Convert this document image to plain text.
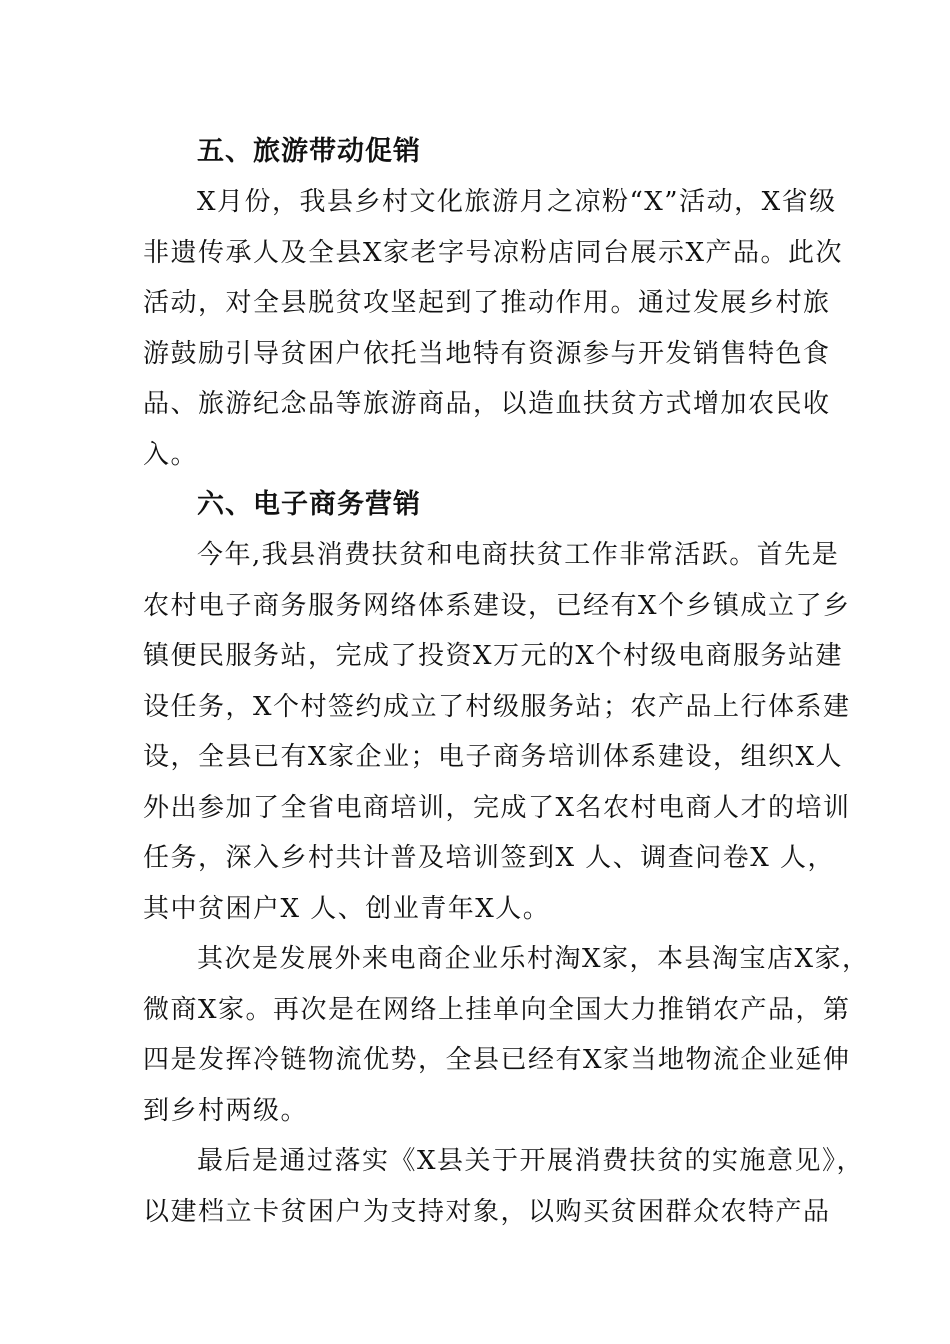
五、旅游带动促销
X月份，我县乡村文化旅游月之凉粉“X”活动，X省级
非遗传承人及全县X家老字号凉粉店同台展示X产品。此次
活动，对全县脱贫攻坚起到了推动作用。通过发展乡村旅
游鼓励引导贫困户依托当地特有资源参与开发销售特色食
品、旅游纪念品等旅游商品，以造血扶贫方式增加农民收
入。
六、电子商务营销
今年,我县消费扶贫和电商扶贫工作非常活跃。首先是
农村电子商务服务网络体系建设，已经有X个乡镇成立了乡
镇便民服务站，完成了投资X万元的X个村级电商服务站建
设任务，X个村签约成立了村级服务站；农产品上行体系建
设，全县已有X家企业；电子商务培训体系建设，组织X人
外出参加了全省电商培训，完成了X名农村电商人才的培训
任务，深入乡村共计普及培训签到X 人、调查问卷X 人，
其中贫困户X 人、创业青年X人。
其次是发展外来电商企业乐村淘X家，本县淘宝店X家，
微商X家。再次是在网络上挂单向全国大力推销农产品，第
四是发挥冷链物流优势，全县已经有X家当地物流企业延伸
到乡村两级。
最后是通过落实《X县关于开展消费扶贫的实施意见》，
以建档立卡贫困户为支持对象，以购买贫困群众农特产品
